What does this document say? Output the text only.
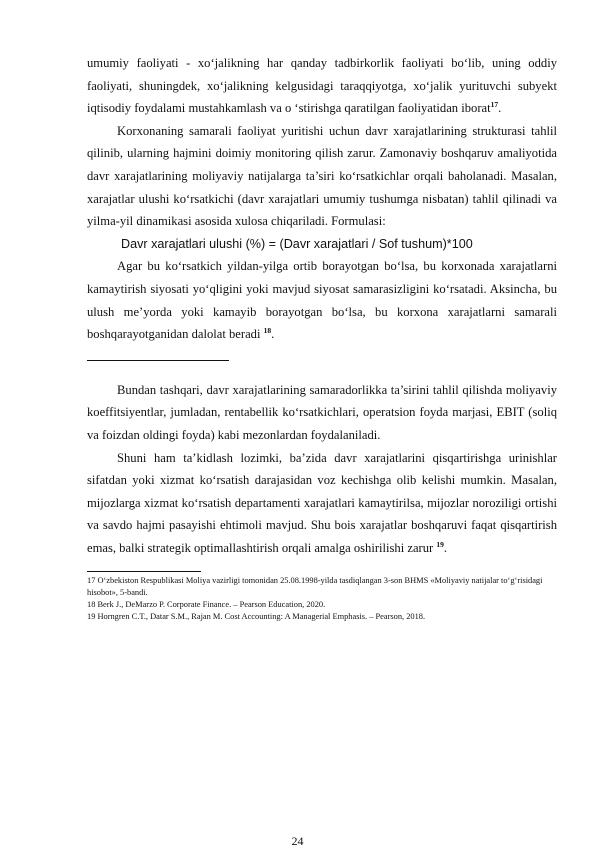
umumiy faoliyati - xo‘jalikning har qanday tadbirkorlik faoliyati bo‘lib, uning oddiy faoliyati, shuningdek, xo‘jalikning kelgusidagi taraqqiyotga, xo‘jalik yurituvchi subyekt iqtisodiy foydalami mustahkamlash va o ‘stirishga qaratilgan faoliyatidan iborat$^{17}$.

Korxonaning samarali faoliyat yuritishi uchun davr xarajatlarining strukturasi tahlil qilinib, ularning hajmini doimiy monitoring qilish zarur. Zamonaviy boshqaruv amaliyotida davr xarajatlarining moliyaviy natijalarga ta’siri ko‘rsatkichlar orqali baholanadi. Masalan, xarajatlar ulushi ko‘rsatkichi (davr xarajatlari umumiy tushumga nisbatan) tahlil qilinadi va yilma-yil dinamikasi asosida xulosa chiqariladi. Formulasi:

Davr xarajatlari ulushi (%) = (Davr xarajatlari / Sof tushum)*100

Agar bu ko‘rsatkich yildan-yilga ortib borayotgan bo‘lsa, bu korxonada xarajatlarni kamaytirish siyosati yo‘qligini yoki mavjud siyosat samarasizligini ko‘rsatadi. Aksincha, bu ulush me’yorda yoki kamayib borayotgan bo‘lsa, bu korxona xarajatlarni samarali boshqarayotganidan dalolat beradi $^{18}$.

Bundan tashqari, davr xarajatlarining samaradorlikka ta’sirini tahlil qilishda moliyaviy koeffitsiyentlar, jumladan, rentabellik ko‘rsatkichlari, operatsion foyda marjasi, EBIT (soliq va foizdan oldingi foyda) kabi mezonlardan foydalaniladi.

Shuni ham ta’kidlash lozimki, ba’zida davr xarajatlarini qisqartirishga urinishlar sifatdan yoki xizmat ko‘rsatish darajasidan voz kechishga olib kelishi mumkin. Masalan, mijozlarga xizmat ko‘rsatish departamenti xarajatlari kamaytirilsa, mijozlar noroziligi ortishi va savdo hajmi pasayishi ehtimoli mavjud. Shu bois xarajatlar boshqaruvi faqat qisqartirish emas, balki strategik optimallashtirish orqali amalga oshirilishi zarur $^{19}$.

17 O‘zbekiston Respublikasi Moliya vazirligi tomonidan 25.08.1998-yilda tasdiqlangan 3-son BHMS «Moliyaviy natijalar to‘g‘risidagi hisobot», 5-bandi.

18 Berk J., DeMarzo P. Corporate Finance. – Pearson Education, 2020.

19 Horngren C.T., Datar S.M., Rajan M. Cost Accounting: A Managerial Emphasis. – Pearson, 2018.

24
